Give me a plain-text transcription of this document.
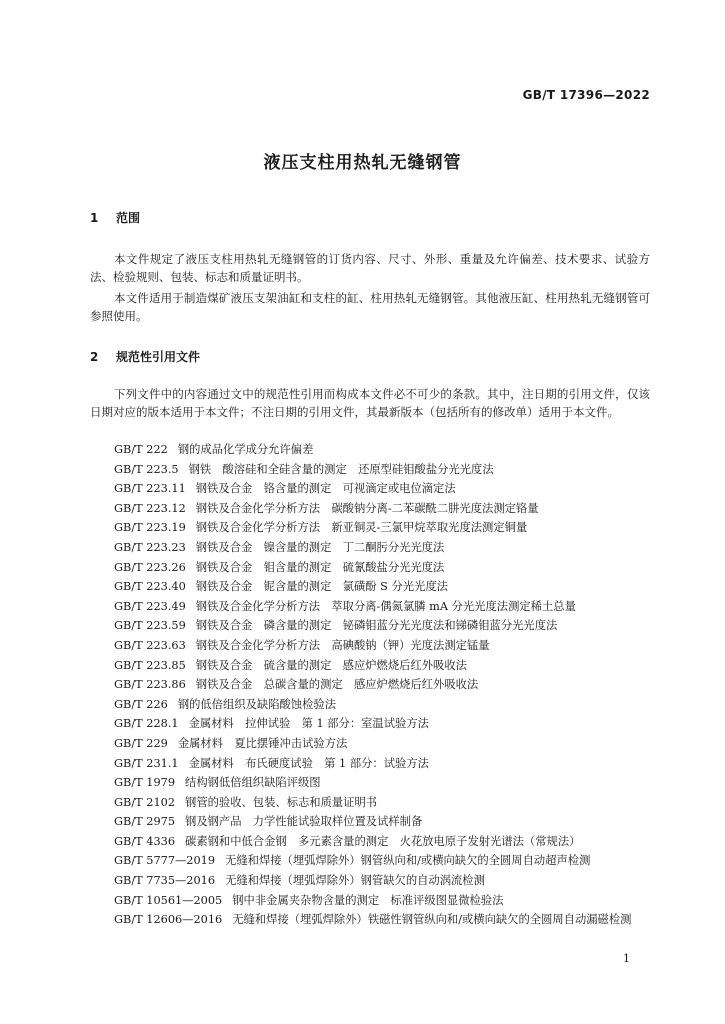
GB/T 17396—2022
液压支柱用热轧无缝钢管
1 范围
本文件规定了液压支柱用热轧无缝钢管的订货内容、尺寸、外形、重量及允许偏差、技术要求、试验方法、检验规则、包装、标志和质量证明书。
本文件适用于制造煤矿液压支架油缸和支柱的缸、柱用热轧无缝钢管。其他液压缸、柱用热轧无缝钢管可参照使用。
2 规范性引用文件
下列文件中的内容通过文中的规范性引用而构成本文件必不可少的条款。其中，注日期的引用文件，仅该日期对应的版本适用于本文件；不注日期的引用文件，其最新版本（包括所有的修改单）适用于本文件。
GB/T 222 钢的成品化学成分允许偏差
GB/T 223.5 钢铁　酸溶硅和全硅含量的测定　还原型硅钼酸盐分光光度法
GB/T 223.11 钢铁及合金　铬含量的测定　可视滴定或电位滴定法
GB/T 223.12 钢铁及合金化学分析方法　碳酸钠分离-二苯碳酰二肼光度法测定铬量
GB/T 223.19 钢铁及合金化学分析方法　新亚铜灵-三氯甲烷萃取光度法测定铜量
GB/T 223.23 钢铁及合金　镍含量的测定　丁二酮肟分光光度法
GB/T 223.26 钢铁及合金　钼含量的测定　硫氰酸盐分光光度法
GB/T 223.40 钢铁及合金　铌含量的测定　氯磺酚 S 分光光度法
GB/T 223.49 钢铁及合金化学分析方法　萃取分离-偶氮氯膦 mA 分光光度法测定稀土总量
GB/T 223.59 钢铁及合金　磷含量的测定　铋磷钼蓝分光光度法和锑磷钼蓝分光光度法
GB/T 223.63 钢铁及合金化学分析方法　高碘酸钠（钾）光度法测定锰量
GB/T 223.85 钢铁及合金　硫含量的测定　感应炉燃烧后红外吸收法
GB/T 223.86 钢铁及合金　总碳含量的测定　感应炉燃烧后红外吸收法
GB/T 226 钢的低倍组织及缺陷酸蚀检验法
GB/T 228.1 金属材料　拉伸试验　第 1 部分：室温试验方法
GB/T 229 金属材料　夏比摆锤冲击试验方法
GB/T 231.1 金属材料　布氏硬度试验　第 1 部分：试验方法
GB/T 1979 结构钢低倍组织缺陷评级图
GB/T 2102 钢管的验收、包装、标志和质量证明书
GB/T 2975 钢及钢产品　力学性能试验取样位置及试样制备
GB/T 4336 碳素钢和中低合金钢　多元素含量的测定　火花放电原子发射光谱法（常规法）
GB/T 5777—2019 无缝和焊接（埋弧焊除外）钢管纵向和/或横向缺欠的全圆周自动超声检测
GB/T 7735—2016 无缝和焊接（埋弧焊除外）钢管缺欠的自动涡流检测
GB/T 10561—2005 钢中非金属夹杂物含量的测定　标准评级图显微检验法
GB/T 12606—2016 无缝和焊接（埋弧焊除外）铁磁性钢管纵向和/或横向缺欠的全圆周自动漏磁检测
1
